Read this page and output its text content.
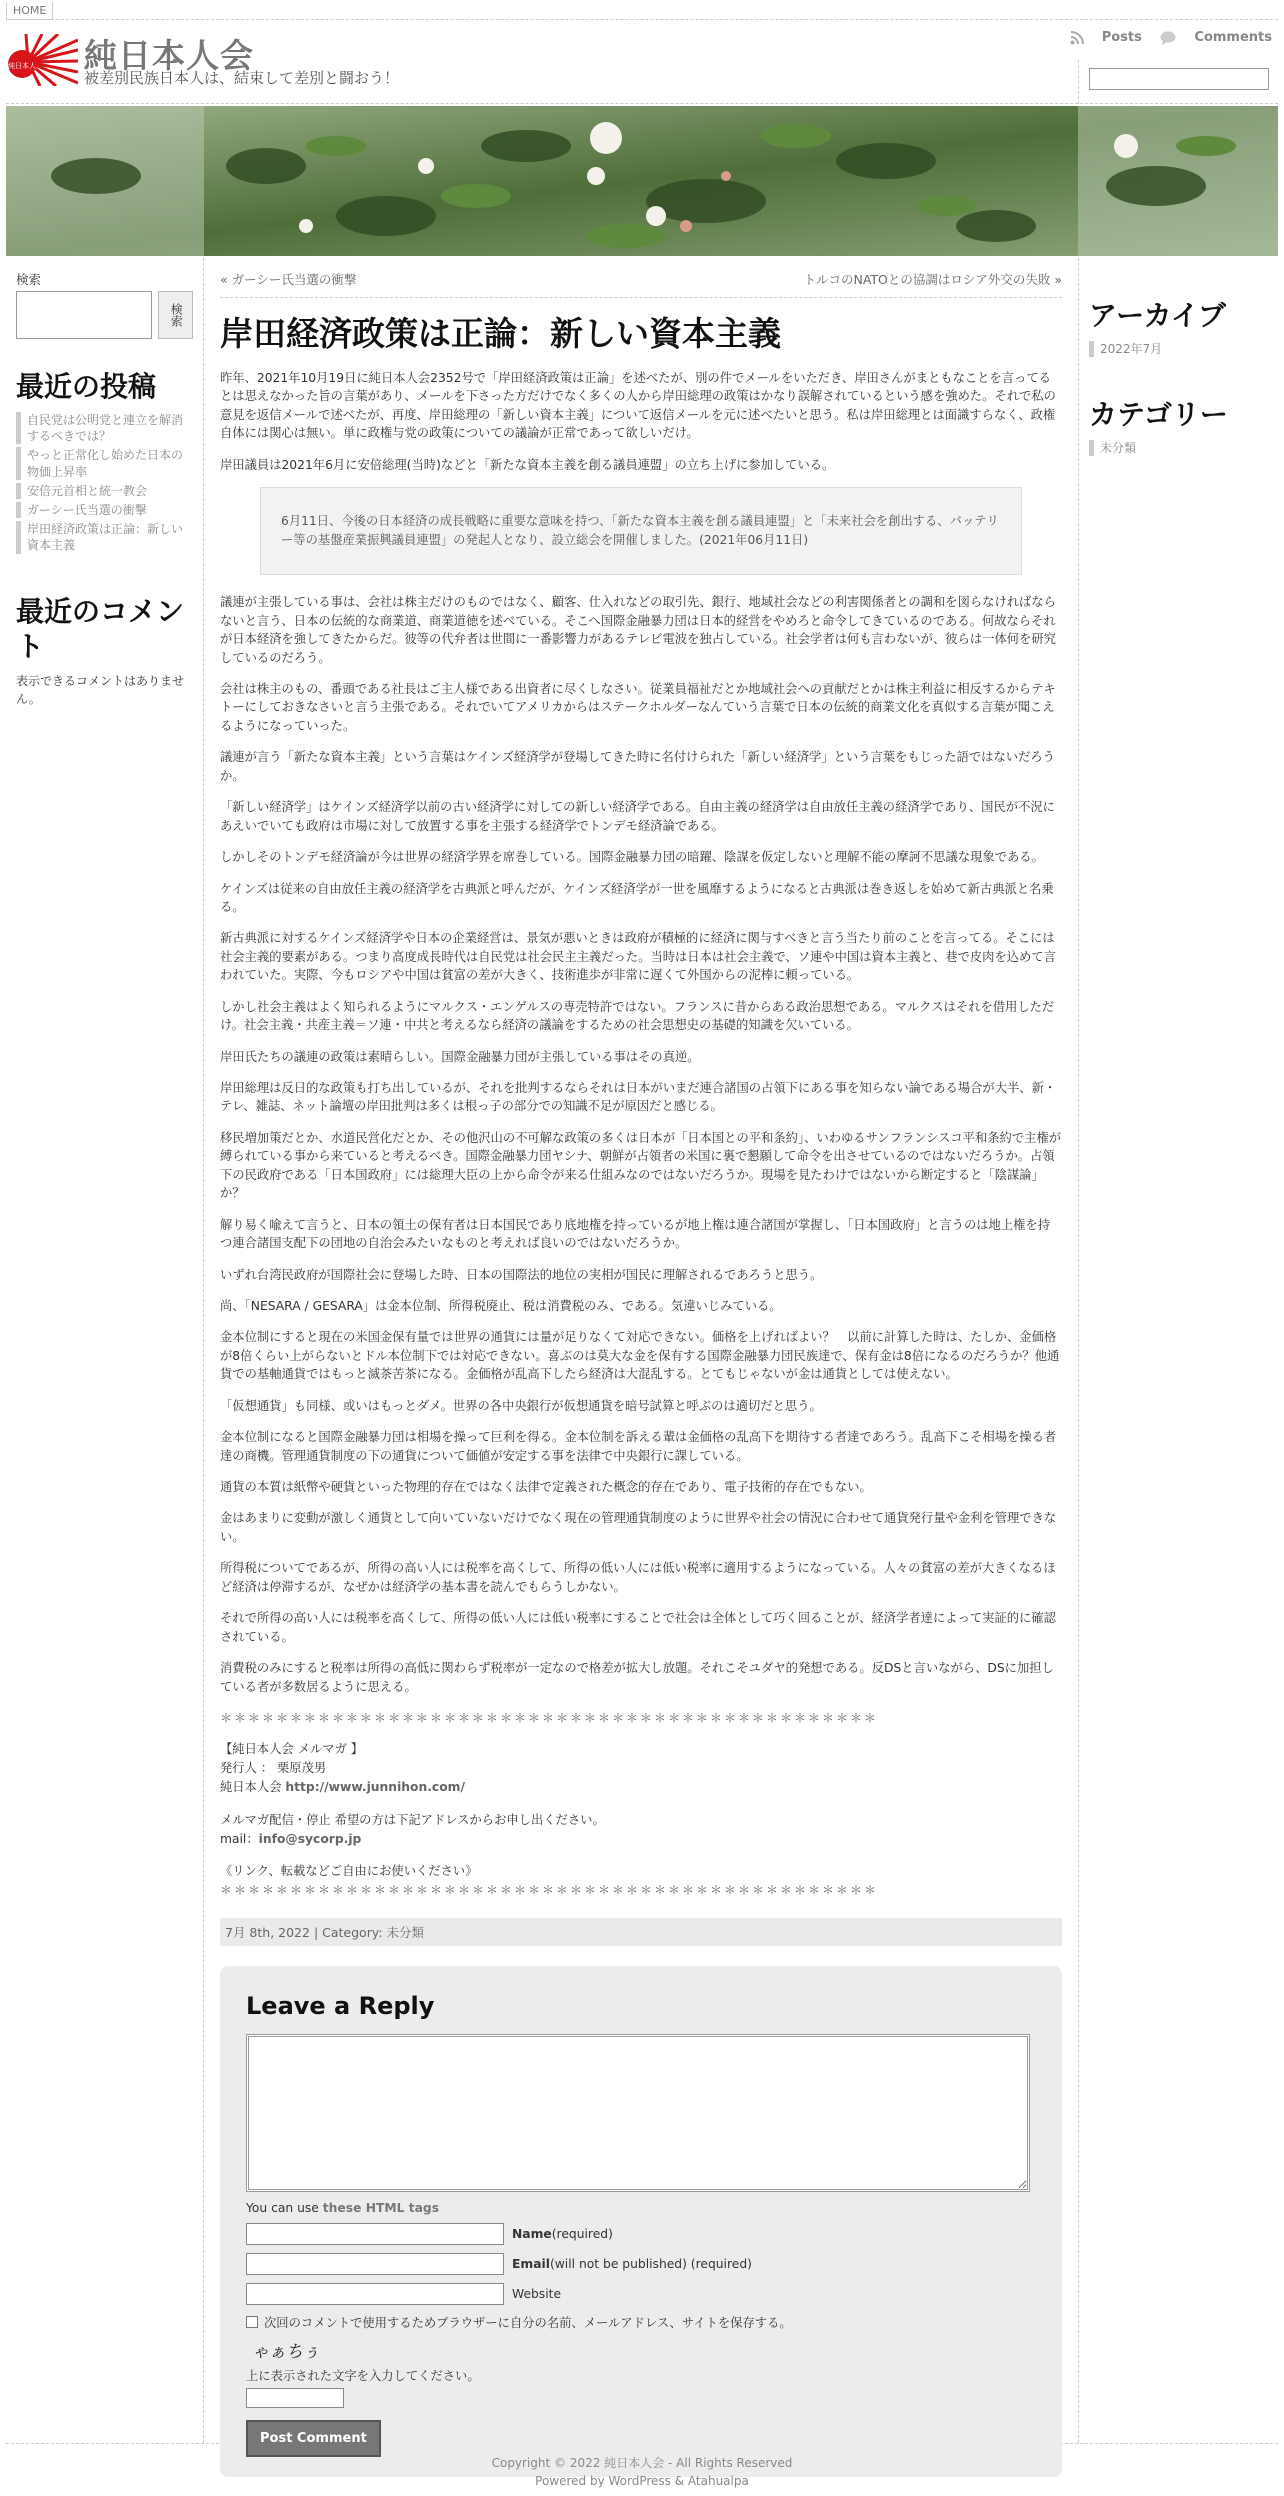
HOME
純日本人 純日本人会
被差別民族日本人は、結束して差別と闘おう！
Posts
	Comments
検索
検索
最近の投稿
自民党は公明党と連立を解消するべきでは？
やっと正常化し始めた日本の物価上昇率
安倍元首相と統一教会
ガーシー氏当選の衝撃
岸田経済政策は正論：新しい資本主義
最近のコメント
表示できるコメントはありません。
« ガーシー氏当選の衝撃	トルコのNATOとの協調はロシア外交の失敗 »
岸田経済政策は正論：新しい資本主義

昨年、2021年10月19日に純日本人会2352号で「岸田経済政策は正論」を述べたが、別の件でメールをいただき、岸田さんがまともなことを言ってるとは思えなかった旨の言葉があり、メールを下さった方だけでなく多くの人から岸田総理の政策はかなり誤解されているという感を強めた。それで私の意見を返信メールで述べたが、再度、岸田総理の「新しい資本主義」について返信メールを元に述べたいと思う。私は岸田総理とは面識すらなく、政権自体には関心は無い。単に政権与党の政策についての議論が正常であって欲しいだけ。

岸田議員は2021年6月に安倍総理(当時)などと「新たな資本主義を創る議員連盟」の立ち上げに参加している。

6月11日、今後の日本経済の成長戦略に重要な意味を持つ、「新たな資本主義を創る議員連盟」と「未来社会を創出する、バッテリー等の基盤産業振興議員連盟」の発起人となり、設立総会を開催しました。(2021年06月11日)

議連が主張している事は、会社は株主だけのものではなく、顧客、仕入れなどの取引先、銀行、地域社会などの利害関係者との調和を図らなければならないと言う、日本の伝統的な商業道、商業道徳を述べている。そこへ国際金融暴力団は日本的経営をやめろと命令してきているのである。何故ならそれが日本経済を強してきたからだ。彼等の代弁者は世間に一番影響力があるテレビ電波を独占している。社会学者は何も言わないが、彼らは一体何を研究しているのだろう。

会社は株主のもの、番頭である社長はご主人様である出資者に尽くしなさい。従業員福祉だとか地域社会への貢献だとかは株主利益に相反するからテキトーにしておきなさいと言う主張である。それでいてアメリカからはステークホルダーなんていう言葉で日本の伝統的商業文化を真似する言葉が聞こえるようになっていった。

議連が言う「新たな資本主義」という言葉はケインズ経済学が登場してきた時に名付けられた「新しい経済学」という言葉をもじった語ではないだろうか。

「新しい経済学」はケインズ経済学以前の古い経済学に対しての新しい経済学である。自由主義の経済学は自由放任主義の経済学であり、国民が不況にあえいでいても政府は市場に対して放置する事を主張する経済学でトンデモ経済論である。

しかしそのトンデモ経済論が今は世界の経済学界を席巻している。国際金融暴力団の暗躍、陰謀を仮定しないと理解不能の摩訶不思議な現象である。

ケインズは従来の自由放任主義の経済学を古典派と呼んだが、ケインズ経済学が一世を風靡するようになると古典派は巻き返しを始めて新古典派と名乗る。

新古典派に対するケインズ経済学や日本の企業経営は、景気が悪いときは政府が積極的に経済に関与すべきと言う当たり前のことを言ってる。そこには社会主義的要素がある。つまり高度成長時代は自民党は社会民主主義だった。当時は日本は社会主義で、ソ連や中国は資本主義と、巷で皮肉を込めて言われていた。実際、今もロシアや中国は貧富の差が大きく、技術進歩が非常に遅くて外国からの泥棒に頼っている。

しかし社会主義はよく知られるようにマルクス・エンゲルスの専売特許ではない。フランスに昔からある政治思想である。マルクスはそれを借用しただけ。社会主義・共産主義＝ソ連・中共と考えるなら経済の議論をするための社会思想史の基礎的知識を欠いている。

岸田氏たちの議連の政策は素晴らしい。国際金融暴力団が主張している事はその真逆。

岸田総理は反日的な政策も打ち出しているが、それを批判するならそれは日本がいまだ連合諸国の占領下にある事を知らない論である場合が大半、新・テレ、雑誌、ネット論壇の岸田批判は多くは根っ子の部分での知識不足が原因だと感じる。

移民増加策だとか、水道民営化だとか、その他沢山の不可解な政策の多くは日本が「日本国との平和条約」、いわゆるサンフランシスコ平和条約で主権が縛られている事から来ていると考えるべき。国際金融暴力団ヤシナ、朝鮮が占領者の米国に裏で懇願して命令を出させているのではないだろうか。占領下の民政府である「日本国政府」には総理大臣の上から命令が来る仕組みなのではないだろうか。現場を見たわけではないから断定すると「陰謀論」か？

解り易く喩えて言うと、日本の領土の保有者は日本国民であり底地権を持っているが地上権は連合諸国が掌握し、「日本国政府」と言うのは地上権を持つ連合諸国支配下の団地の自治会みたいなものと考えれば良いのではないだろうか。

いずれ台湾民政府が国際社会に登場した時、日本の国際法的地位の実相が国民に理解されるであろうと思う。

尚、「NESARA / GESARA」は金本位制、所得税廃止、税は消費税のみ、である。気違いじみている。

金本位制にすると現在の米国金保有量では世界の通貨には量が足りなくて対応できない。価格を上げればよい？　以前に計算した時は、たしか、金価格が8倍くらい上がらないとドル本位制下では対応できない。喜ぶのは莫大な金を保有する国際金融暴力団民族達で、保有金は8倍になるのだろうか？他通貨での基軸通貨ではもっと滅茶苦茶になる。金価格が乱高下したら経済は大混乱する。とてもじゃないが金は通貨としては使えない。

「仮想通貨」も同様、或いはもっとダメ。世界の各中央銀行が仮想通貨を暗号試算と呼ぶのは適切だと思う。

金本位制になると国際金融暴力団は相場を操って巨利を得る。金本位制を訴える輩は金価格の乱高下を期待する者達であろう。乱高下こそ相場を操る者達の商機。管理通貨制度の下の通貨について価値が安定する事を法律で中央銀行に課している。

通貨の本質は紙幣や硬貨といった物理的存在ではなく法律で定義された概念的存在であり、電子技術的存在でもない。

金はあまりに変動が激しく通貨として向いていないだけでなく現在の管理通貨制度のように世界や社会の情況に合わせて通貨発行量や金利を管理できない。

所得税についてであるが、所得の高い人には税率を高くして、所得の低い人には低い税率に適用するようになっている。人々の貧富の差が大きくなるほど経済は停滞するが、なぜかは経済学の基本書を読んでもらうしかない。

それで所得の高い人には税率を高くして、所得の低い人には低い税率にすることで社会は全体として巧く回ることが、経済学者達によって実証的に確認されている。

消費税のみにすると税率は所得の高低に関わらず税率が一定なので格差が拡大し放題。それこそユダヤ的発想である。反DSと言いながら、DSに加担している者が多数居るように思える。

＊＊＊＊＊＊＊＊＊＊＊＊＊＊＊＊＊＊＊＊＊＊＊＊＊＊＊＊＊＊＊＊＊＊＊＊＊＊＊＊＊＊＊＊＊＊＊

【純日本人会 メルマガ 】
発行人 ： 栗原茂男
純日本人会 http://www.junnihon.com/

メルマガ配信・停止 希望の方は下記アドレスからお申し出ください。
mail：info@sycorp.jp

《リンク、転載などご自由にお使いください》

＊＊＊＊＊＊＊＊＊＊＊＊＊＊＊＊＊＊＊＊＊＊＊＊＊＊＊＊＊＊＊＊＊＊＊＊＊＊＊＊＊＊＊＊＊＊＊
7月 8th, 2022 | Category: 未分類
Leave a Reply
You can use these HTML tags
Name (required)
Email (will not be published) (required)
Website
次回のコメントで使用するためブラウザーに自分の名前、メールアドレス、サイトを保存する。
ゃぁちぅ
上に表示された文字を入力してください。
Post Comment
アーカイブ
2022年7月
カテゴリー
未分類
Copyright © 2022 純日本人会 - All Rights Reserved
Powered by WordPress & Atahualpa
